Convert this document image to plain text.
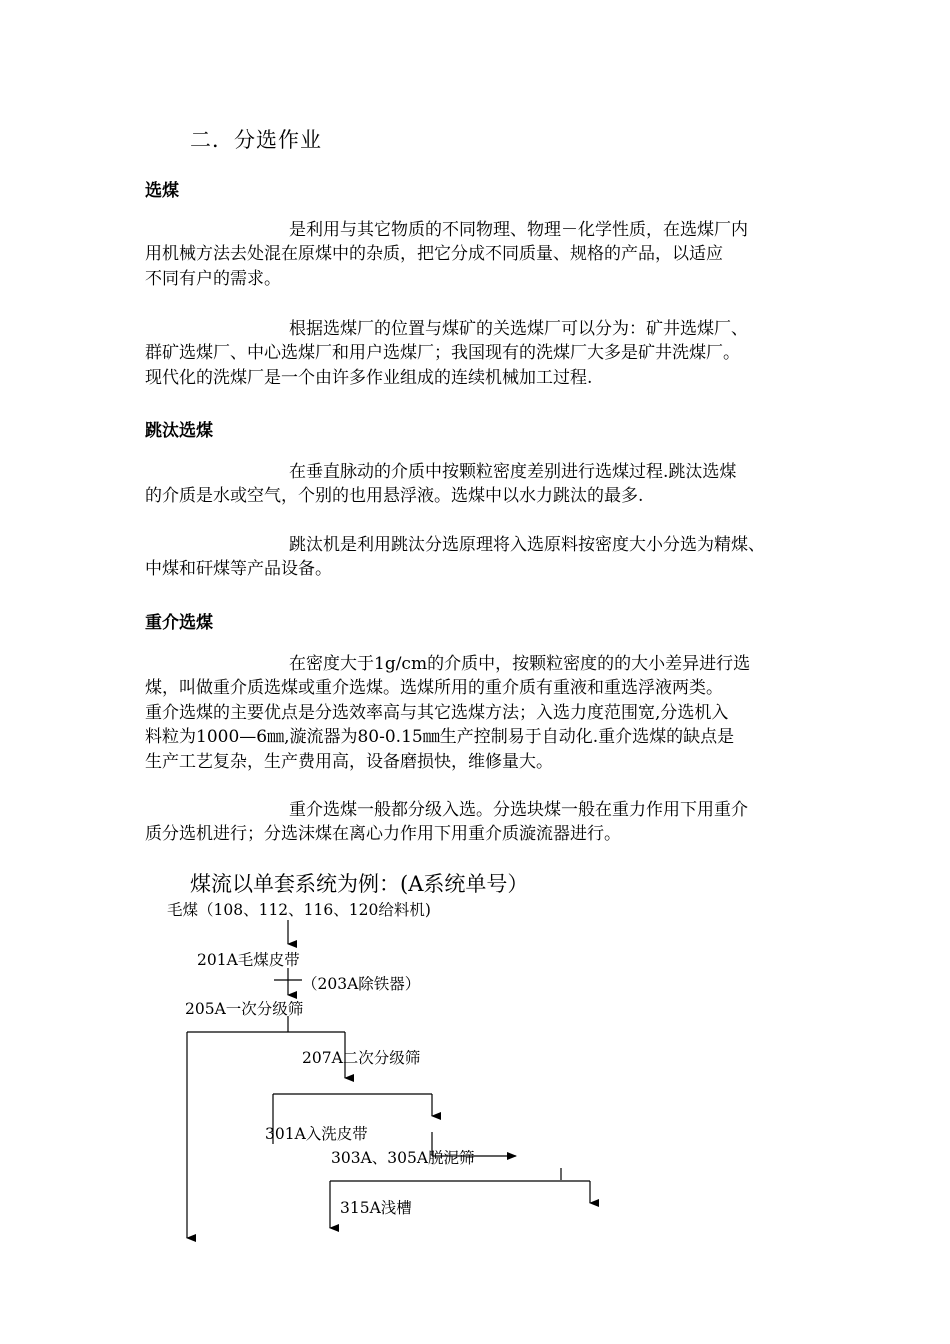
二．分选作业
选煤
是利用与其它物质的不同物理、物理－化学性质，在选煤厂内
用机械方法去处混在原煤中的杂质，把它分成不同质量、规格的产品，以适应
不同有户的需求。
根据选煤厂的位置与煤矿的关选煤厂可以分为：矿井选煤厂、
群矿选煤厂、中心选煤厂和用户选煤厂；我国现有的洗煤厂大多是矿井洗煤厂。
现代化的洗煤厂是一个由许多作业组成的连续机械加工过程.
跳汰选煤
在垂直脉动的介质中按颗粒密度差别进行选煤过程.跳汰选煤
的介质是水或空气，个别的也用悬浮液。选煤中以水力跳汰的最多.
跳汰机是利用跳汰分选原理将入选原料按密度大小分选为精煤、
中煤和矸煤等产品设备。
重介选煤
在密度大于1g/cm的介质中，按颗粒密度的的大小差异进行选
煤，叫做重介质选煤或重介选煤。选煤所用的重介质有重液和重选浮液两类。
重介选煤的主要优点是分选效率高与其它选煤方法；入选力度范围宽,分选机入
料粒为1000—6㎜,漩流器为80-0.15㎜生产控制易于自动化.重介选煤的缺点是
生产工艺复杂，生产费用高，设备磨损快，维修量大。
重介选煤一般都分级入选。分选块煤一般在重力作用下用重介
质分选机进行；分选沫煤在离心力作用下用重介质漩流器进行。
煤流以单套系统为例：(A系统单号）
毛煤（108、112、116、120给料机)
201A毛煤皮带
（203A除铁器）
205A一次分级筛
207A二次分级筛
301A入洗皮带
303A、305A脱泥筛
315A浅槽
